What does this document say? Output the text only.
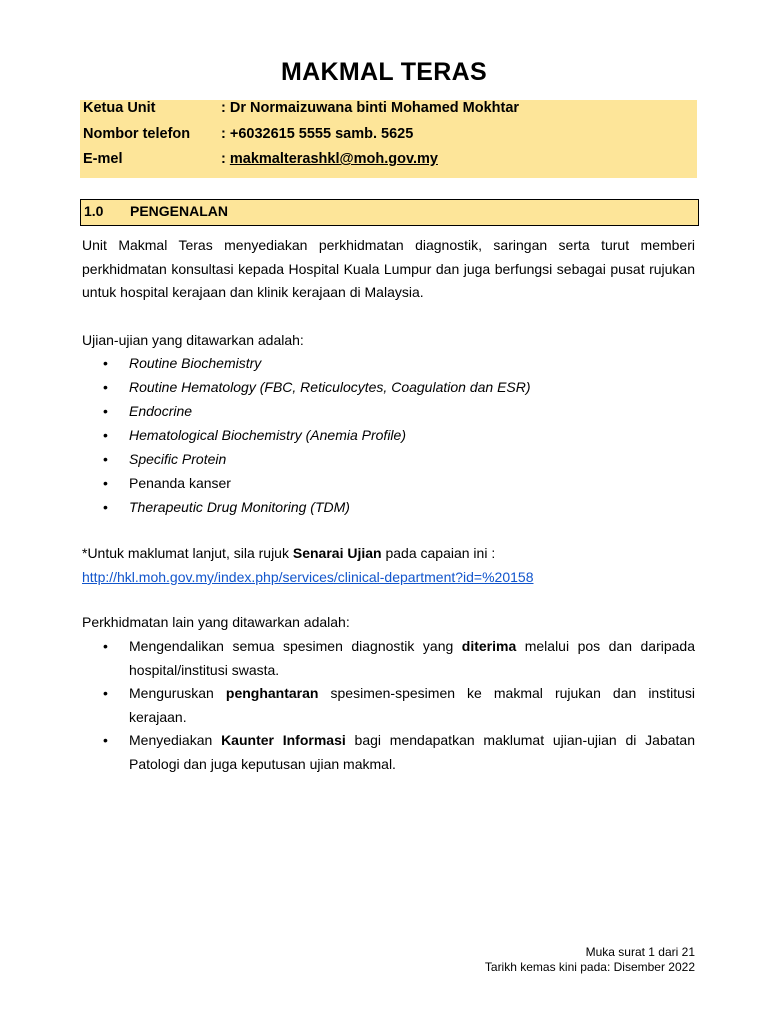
MAKMAL TERAS
Ketua Unit	: Dr Normaizuwana binti Mohamed Mokhtar
Nombor telefon : +6032615 5555 samb. 5625
E-mel	: makmalterashkl@moh.gov.my
1.0 PENGENALAN
Unit Makmal Teras menyediakan perkhidmatan diagnostik, saringan serta turut memberi perkhidmatan konsultasi kepada Hospital Kuala Lumpur dan juga berfungsi sebagai pusat rujukan untuk hospital kerajaan dan klinik kerajaan di Malaysia.
Ujian-ujian yang ditawarkan adalah:
• Routine Biochemistry
• Routine Hematology (FBC, Reticulocytes, Coagulation dan ESR)
• Endocrine
• Hematological Biochemistry (Anemia Profile)
• Specific Protein
• Penanda kanser
• Therapeutic Drug Monitoring (TDM)
*Untuk maklumat lanjut, sila rujuk Senarai Ujian pada capaian ini :
http://hkl.moh.gov.my/index.php/services/clinical-department?id=%20158
Perkhidmatan lain yang ditawarkan adalah:
• Mengendalikan semua spesimen diagnostik yang diterima melalui pos dan daripada hospital/institusi swasta.
• Menguruskan penghantaran spesimen-spesimen ke makmal rujukan dan institusi kerajaan.
• Menyediakan Kaunter Informasi bagi mendapatkan maklumat ujian-ujian di Jabatan Patologi dan juga keputusan ujian makmal.
Muka surat 1 dari 21
Tarikh kemas kini pada: Disember 2022
